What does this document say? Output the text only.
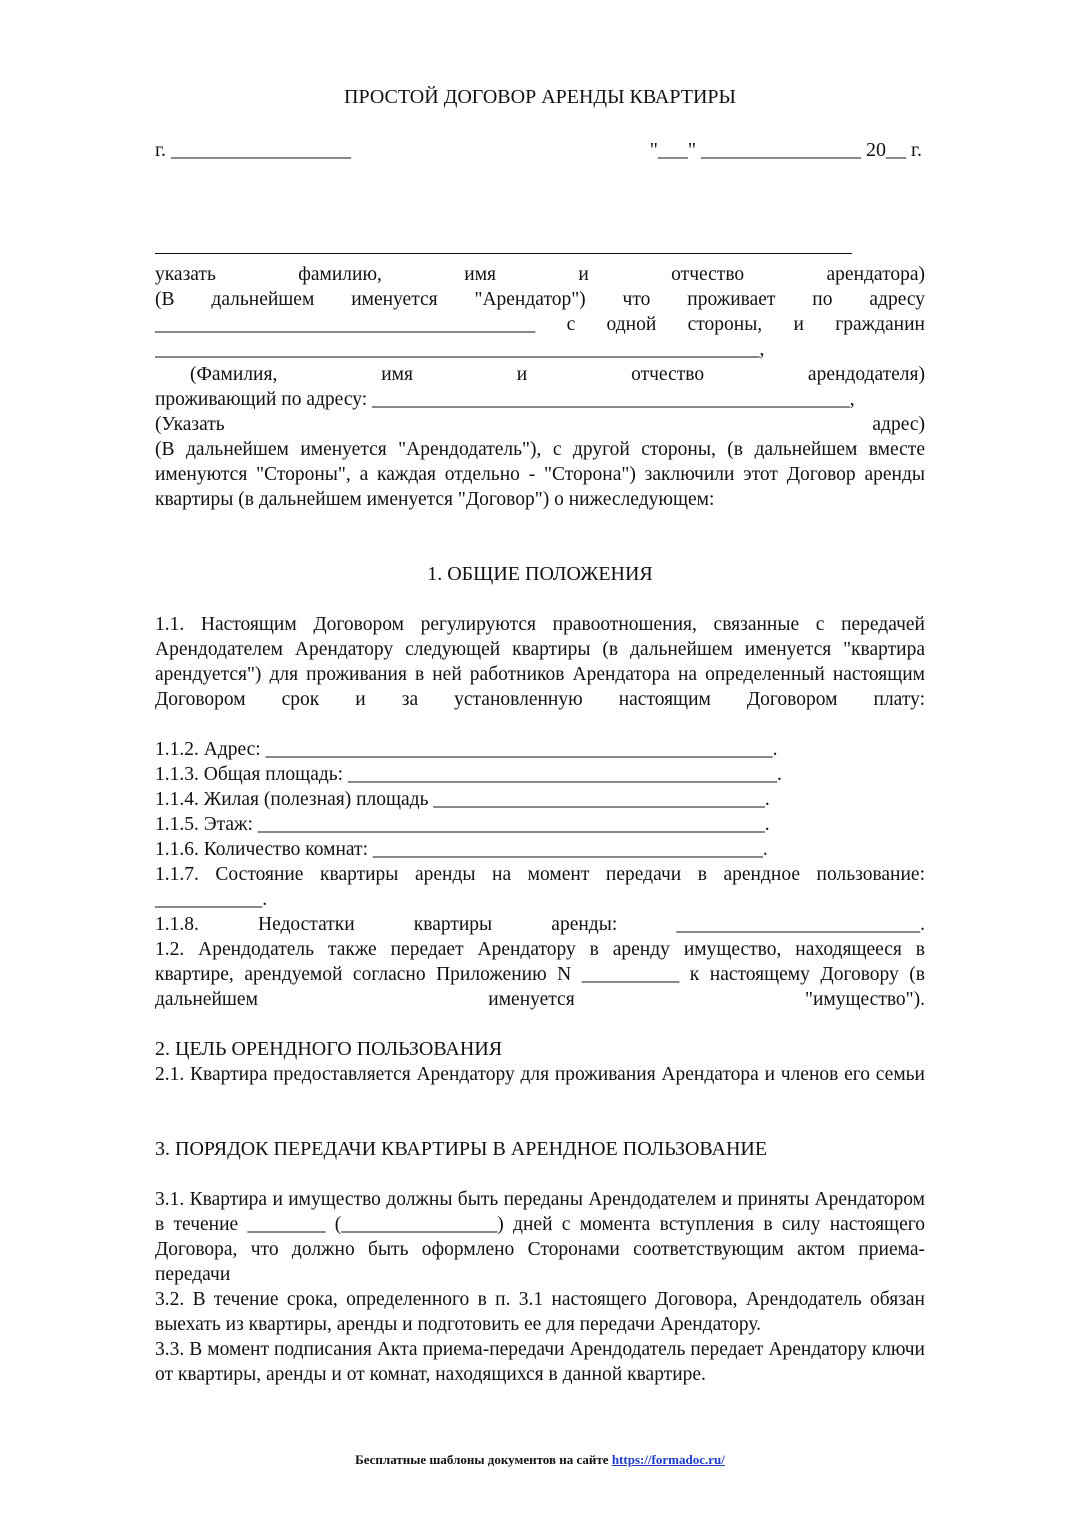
ПРОСТОЙ ДОГОВОР АРЕНДЫ КВАРТИРЫ

г. __________________	"___" ________________ 20__ г.

указать фамилию, имя и отчество арендатора)

(В дальнейшем именуется "Арендатор") что проживает по адресу

_______________________________________ с одной стороны, и гражданин

______________________________________________________________,

(Фамилия, имя и отчество арендодателя)

проживающий по адресу: _________________________________________________,

(Указать адрес)

(В дальнейшем именуется "Арендодатель"), с другой стороны, (в дальнейшем вместе именуются "Стороны", а каждая отдельно - "Сторона") заключили этот Договор аренды квартиры (в дальнейшем именуется "Договор") о нижеследующем:

1. ОБЩИЕ ПОЛОЖЕНИЯ

1.1. Настоящим Договором регулируются правоотношения, связанные с передачей Арендодателем Арендатору следующей квартиры (в дальнейшем именуется "квартира арендуется") для проживания в ней работников Арендатора на определенный настоящим Договором срок и за установленную настоящим Договором плату:

1.1.2. Адрес: ____________________________________________________.

1.1.3. Общая площадь: ____________________________________________.

1.1.4. Жилая (полезная) площадь __________________________________.

1.1.5. Этаж: ____________________________________________________.

1.1.6. Количество комнат: ________________________________________.

1.1.7. Состояние квартиры аренды на момент передачи в арендное пользование: ___________.

1.1.8. Недостатки квартиры аренды: _________________________.

1.2. Арендодатель также передает Арендатору в аренду имущество, находящееся в квартире, арендуемой согласно Приложению N __________ к настоящему Договору (в дальнейшем именуется "имущество").

2. ЦЕЛЬ ОРЕНДНОГО ПОЛЬЗОВАНИЯ

2.1. Квартира предоставляется Арендатору для проживания Арендатора и членов его семьи

3. ПОРЯДОК ПЕРЕДАЧИ КВАРТИРЫ В АРЕНДНОЕ ПОЛЬЗОВАНИЕ

3.1. Квартира и имущество должны быть переданы Арендодателем и приняты Арендатором в течение ________ (________________) дней с момента вступления в силу настоящего Договора, что должно быть оформлено Сторонами соответствующим актом приема-передачи

3.2. В течение срока, определенного в п. 3.1 настоящего Договора, Арендодатель обязан выехать из квартиры, аренды и подготовить ее для передачи Арендатору.

3.3. В момент подписания Акта приема-передачи Арендодатель передает Арендатору ключи от квартиры, аренды и от комнат, находящихся в данной квартире.

Бесплатные шаблоны документов на сайте https://formadoc.ru/
